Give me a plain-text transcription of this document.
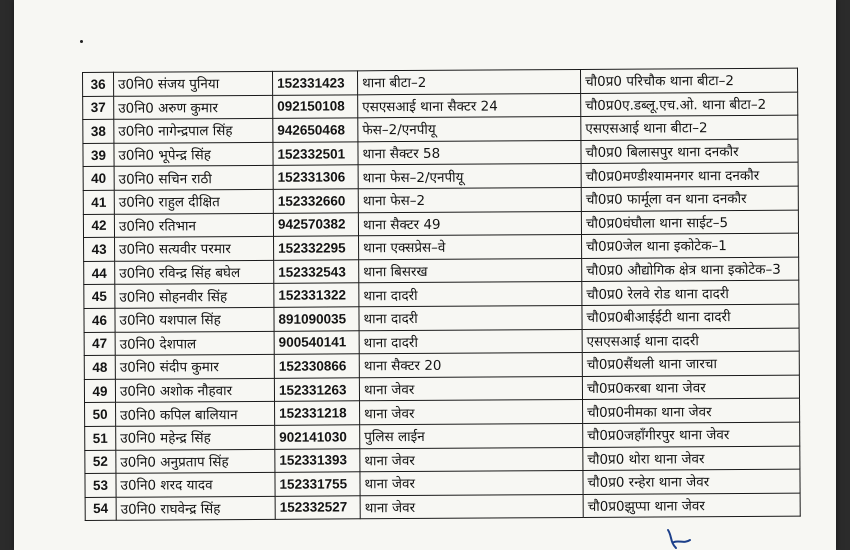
36	उ0नि0 संजय पुनिया	152331423	थाना बीटा–2	चौ0प्र0 परिचौक थाना बीटा–2
37	उ0नि0 अरुण कुमार	092150108	एसएसआई थाना सैक्टर 24	चौ0प्र0ए.डब्लू.एच.ओ. थाना बीटा–2
38	उ0नि0 नागेन्द्रपाल सिंह	942650468	फेस–2/एनपीयू	एसएसआई थाना बीटा–2
39	उ0नि0 भूपेन्द्र सिंह	152332501	थाना सैक्टर 58	चौ0प्र0 बिलासपुर थाना दनकौर
40	उ0नि0 सचिन राठी	152331306	थाना फेस–2/एनपीयू	चौ0प्र0मण्डीश्यामनगर थाना दनकौर
41	उ0नि0 राहुल दीक्षित	152332660	थाना फेस–2	चौ0प्र0 फार्मूला वन थाना दनकौर
42	उ0नि0 रतिभान	942570382	थाना सैक्टर 49	चौ0प्र0घंघौला थाना साईट–5
43	उ0नि0 सत्यवीर परमार	152332295	थाना एक्सप्रेस–वे	चौ0प्र0जेल थाना इकोटेक–1
44	उ0नि0 रविन्द्र सिंह बघेल	152332543	थाना बिसरख	चौ0प्र0 औद्योगिक क्षेत्र थाना इकोटेक–3
45	उ0नि0 सोहनवीर सिंह	152331322	थाना दादरी	चौ0प्र0 रेलवे रोड थाना दादरी
46	उ0नि0 यशपाल सिंह	891090035	थाना दादरी	चौ0प्र0बीआईईटी थाना दादरी
47	उ0नि0 देशपाल	900540141	थाना दादरी	एसएसआई थाना दादरी
48	उ0नि0 संदीप कुमार	152330866	थाना सैक्टर 20	चौ0प्र0सैंथली थाना जारचा
49	उ0नि0 अशोक नौहवार	152331263	थाना जेवर	चौ0प्र0करबा थाना जेवर
50	उ0नि0 कपिल बालियान	152331218	थाना जेवर	चौ0प्र0नीमका थाना जेवर
51	उ0नि0 महेन्द्र सिंह	902141030	पुलिस लाईन	चौ0प्र0जहाँगीरपुर थाना जेवर
52	उ0नि0 अनुप्रताप सिंह	152331393	थाना जेवर	चौ0प्र0 थोरा थाना जेवर
53	उ0नि0 शरद यादव	152331755	थाना जेवर	चौ0प्र0 रन्हेरा थाना जेवर
54	उ0नि0 राघवेन्द्र सिंह	152332527	थाना जेवर	चौ0प्र0झुप्पा थाना जेवर
